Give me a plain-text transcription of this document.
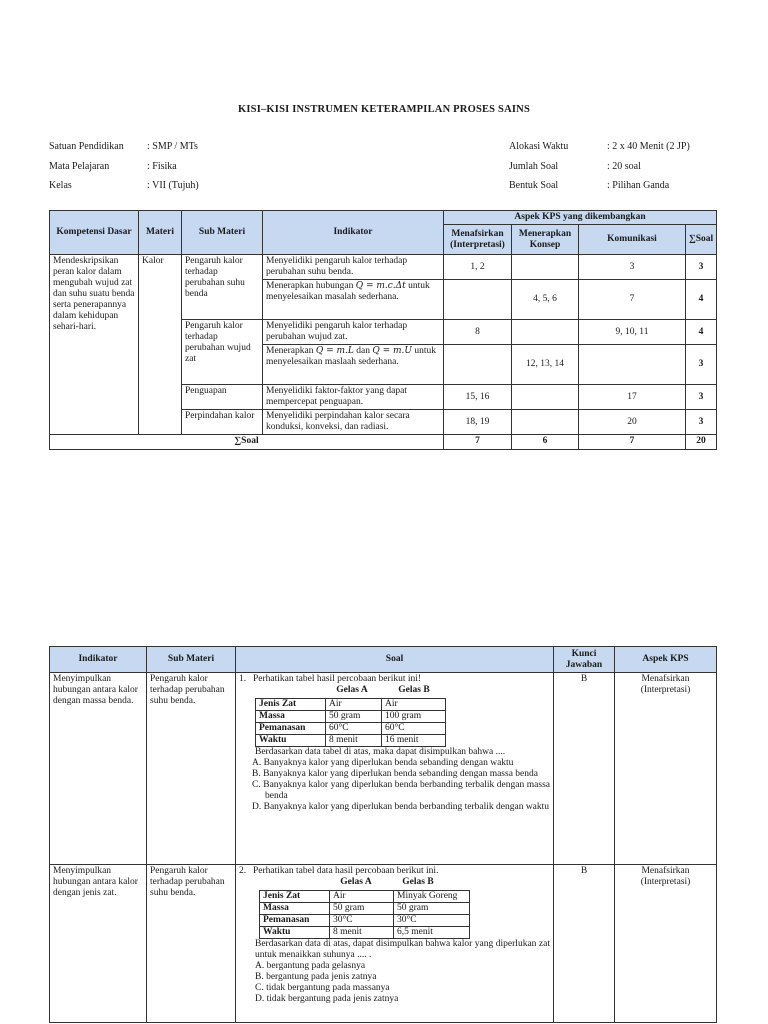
KISI–KISI INSTRUMEN KETERAMPILAN PROSES SAINS
Satuan Pendidikan : SMP / MTs
Mata Pelajaran	: Fisika
Kelas	: VII (Tujuh)
Alokasi Waktu	: 2 x 40 Menit (2 JP)
Jumlah Soal	: 20 soal
Bentuk Soal	: Pilihan Ganda
Kompetensi Dasar	Materi	Sub Materi	Indikator	Aspek KPS yang dikembangkan			
				Menafsirkan (Interpretasi)	Menerapkan Konsep	Komunikasi	∑Soal
Mendeskripsikan peran kalor dalam mengubah wujud zat dan suhu suatu benda serta penerapannya dalam kehidupan sehari-hari.	Kalor	Pengaruh kalor terhadap perubahan suhu benda	Menyelidiki pengaruh kalor terhadap perubahan suhu benda.	1, 2		3	3
			Menerapkan hubungan Q = m.c.Δt untuk menyelesaikan masalah sederhana.		4, 5, 6	7	4
		Pengaruh kalor terhadap perubahan wujud zat	Menyelidiki pengaruh kalor terhadap perubahan wujud zat.	8		9, 10, 11	4
			Menerapkan Q = m.L dan Q = m.U untuk menyelesaikan maslaah sederhana.		12, 13, 14		3
		Penguapan	Menyelidiki faktor-faktor yang dapat mempercepat penguapan.	15, 16		17	3
		Perpindahan kalor	Menyelidiki perpindahan kalor secara konduksi, konveksi, dan radiasi.	18, 19		20	3
∑Soal				7	6	7	20
Indikator	Sub Materi	Soal	Kunci Jawaban	Aspek KPS
Menyimpulkan hubungan antara kalor dengan massa benda.	Pengaruh kalor terhadap perubahan suhu benda.	1. Perhatikan tabel hasil percobaan berikut ini!
Gelas A	Gelas B
Jenis Zat	Air	Air
Massa	50 gram	100 gram
Pemanasan	60°C	60°C
Waktu	8 menit	16 menit
Berdasarkan data tabel di atas, maka dapat disimpulkan bahwa ....
A. Banyaknya kalor yang diperlukan benda sebanding dengan waktu
B. Banyaknya kalor yang diperlukan benda sebanding dengan massa benda
C. Banyaknya kalor yang diperlukan benda berbanding terbalik dengan massa benda
D. Banyaknya kalor yang diperlukan benda berbanding terbalik dengan waktu
	B	Menafsirkan (Interpretasi)
Menyimpulkan hubungan antara kalor dengan jenis zat.	Pengaruh kalor terhadap perubahan suhu benda.	2. Perhatikan tabel data hasil percobaan berikut ini.
Gelas A	Gelas B
Jenis Zat	Air	Minyak Goreng
Massa	50 gram	50 gram
Pemanasan	30°C	30°C
Waktu	8 menit	6,5 menit
Berdasarkan data di atas, dapat disimpulkan bahwa kalor yang diperlukan zat untuk menaikkan suhunya .... .
A. bergantung pada gelasnya
B. bergantung pada jenis zatnya
C. tidak bergantung pada massanya
D. tidak bergantung pada jenis zatnya
	B	Menafsirkan (Interpretasi)
